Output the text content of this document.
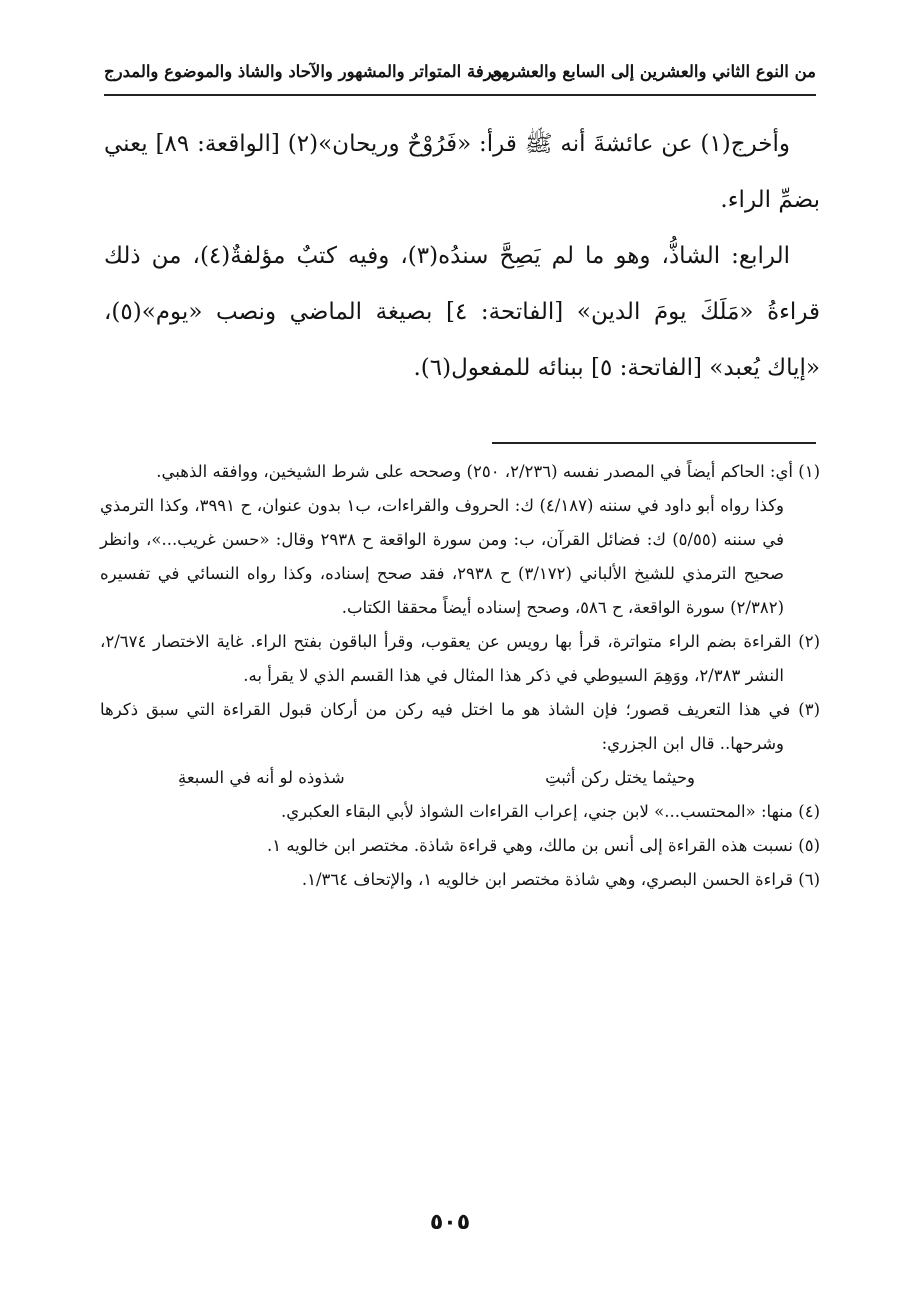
من النوع الثاني والعشرين إلى السابع والعشرين
معرفة المتواتر والمشهور والآحاد والشاذ والموضوع والمدرج

وأخرج(١) عن عائشةَ أنه ﷺ قرأ: «فَرُوْحٌ وريحان»(٢) [الواقعة: ٨٩] يعني بضمِّ الراء.

الرابع: الشاذُّ، وهو ما لم يَصِحَّ سندُه(٣)، وفيه كتبٌ مؤلفةٌ(٤)، من ذلك قراءةُ «مَلَكَ يومَ الدين» [الفاتحة: ٤] بصيغة الماضي ونصب «يوم»(٥)، «إياك يُعبد» [الفاتحة: ٥] ببنائه للمفعول(٦).

(١) أي: الحاكم أيضاً في المصدر نفسه (٢/٢٣٦، ٢٥٠) وصححه على شرط الشيخين، ووافقه الذهبي.

وكذا رواه أبو داود في سننه (٤/١٨٧) ك: الحروف والقراءات، ب١ بدون عنوان، ح ٣٩٩١، وكذا الترمذي في سننه (٥/٥٥) ك: فضائل القرآن، ب: ومن سورة الواقعة ح ٢٩٣٨ وقال: «حسن غريب...»، وانظر صحيح الترمذي للشيخ الألباني (٣/١٧٢) ح ٢٩٣٨، فقد صحح إسناده، وكذا رواه النسائي في تفسيره (٢/٣٨٢) سورة الواقعة، ح ٥٨٦، وصحح إسناده أيضاً محققا الكتاب.

(٢) القراءة بضم الراء متواترة، قرأ بها رويس عن يعقوب، وقرأ الباقون بفتح الراء. غاية الاختصار ٢/٦٧٤، النشر ٢/٣٨٣، ووَهِمَ السيوطي في ذكر هذا المثال في هذا القسم الذي لا يقرأ به.

(٣) في هذا التعريف قصور؛ فإن الشاذ هو ما اختل فيه ركن من أركان قبول القراءة التي سبق ذكرها وشرحها.. قال ابن الجزري:

وحيثما يختل ركن أثبتِ
شذوذه لو أنه في السبعةِ

(٤) منها: «المحتسب...» لابن جني، إعراب القراءات الشواذ لأبي البقاء العكبري.

(٥) نسبت هذه القراءة إلى أنس بن مالك، وهي قراءة شاذة. مختصر ابن خالويه ١.

(٦) قراءة الحسن البصري، وهي شاذة مختصر ابن خالويه ١، والإتحاف ١/٣٦٤.

٥٠٥
